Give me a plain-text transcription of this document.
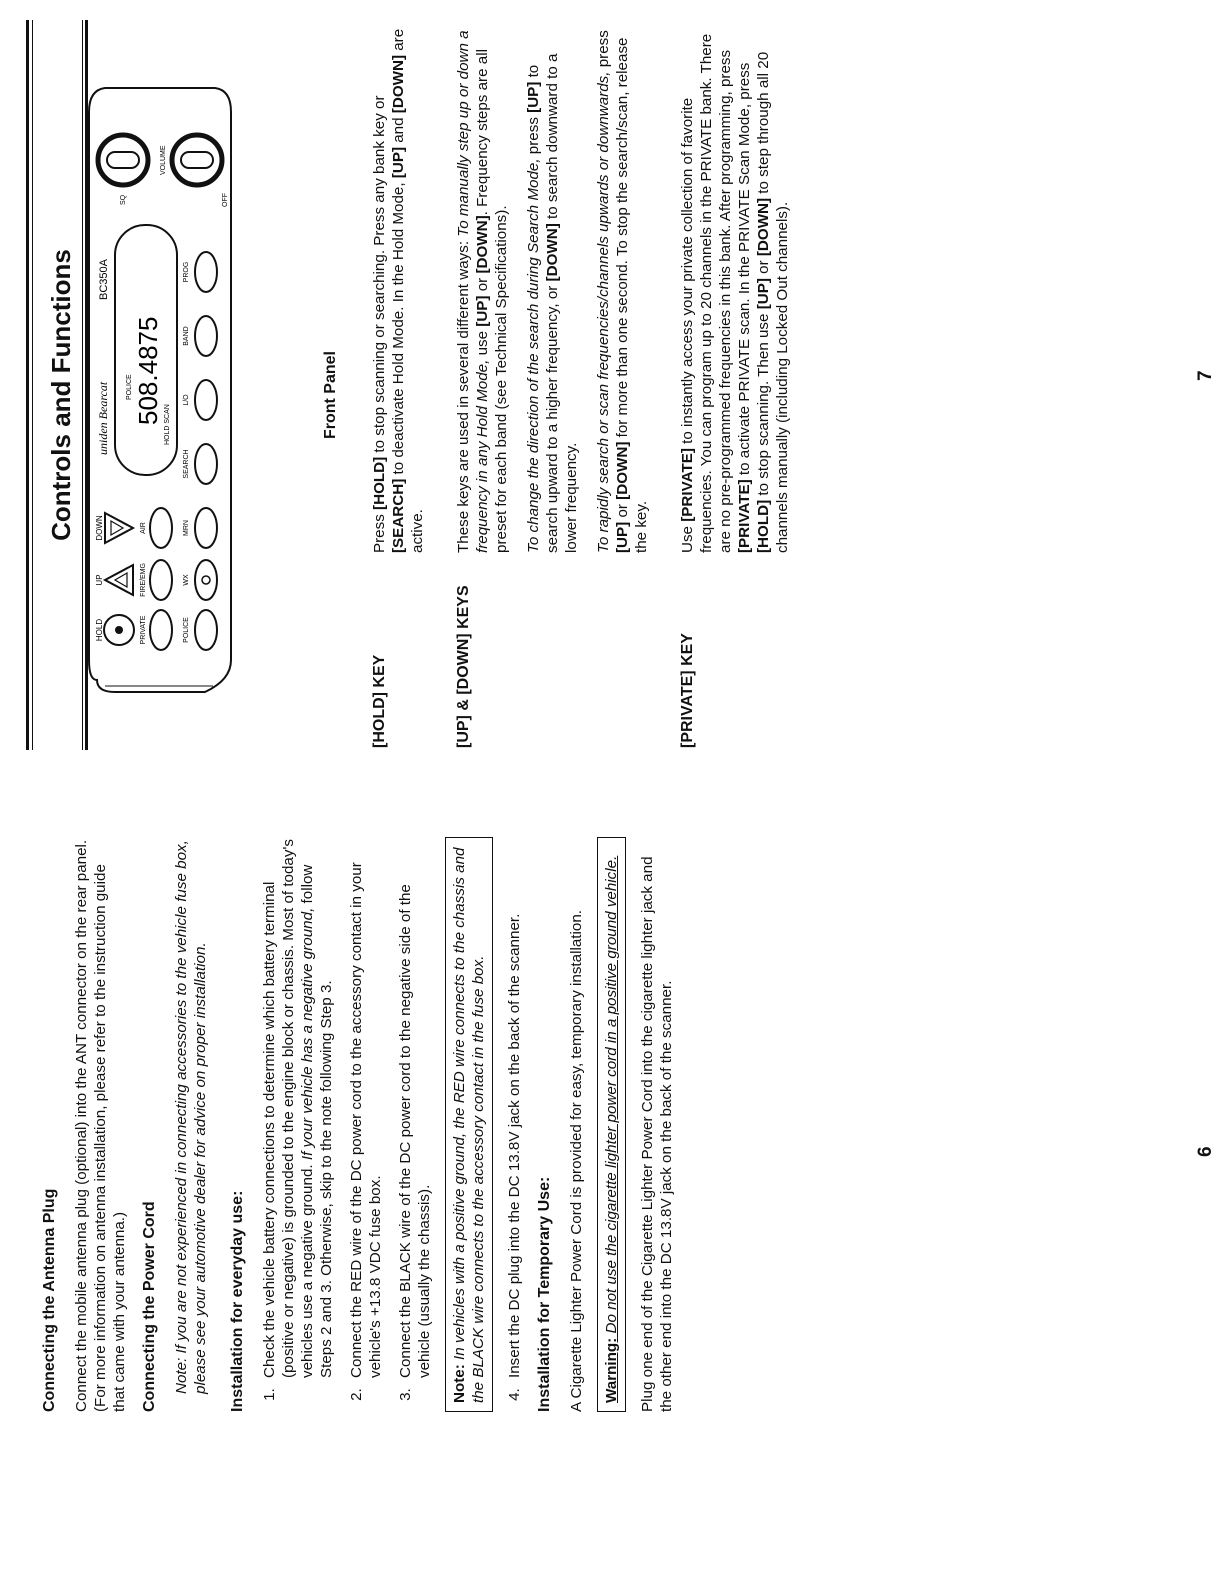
Connecting the Antenna Plug Connect the mobile antenna plug (optional) into the ANT connector on the rear panel. (For more information on antenna installation, please refer to the instruction guide that came with your antenna.) Connecting the Power Cord Note: If you are not experienced in connecting accessories to the vehicle fuse box, please see your automotive dealer for advice on proper installation. Installation for everyday use: 1. Check the vehicle battery connections to determine which battery terminal (positive or negative) is grounded to the engine block or chassis. Most of today's vehicles use a negative ground. If your vehicle has a negative ground, follow Steps 2 and 3. Otherwise, skip to the note following Step 3. 2. Connect the RED wire of the DC power cord to the accessory contact in your vehicle's +13.8 VDC fuse box. 3. Connect the BLACK wire of the DC power cord to the negative side of the vehicle (usually the chassis).
Note: In vehicles with a positive ground, the RED wire connects to the chassis and the BLACK wire connects to the accessory contact in the fuse box.	4. Insert the DC plug into the DC 13.8V jack on the back of the scanner. Installation for Temporary Use: A Cigarette Lighter Power Cord is provided for easy, temporary installation.	Warning: Do not use the cigarette lighter power cord in a positive ground vehicle.	Plug one end of the Cigarette Lighter Power Cord into the cigarette lighter jack and the other end into the DC 13.8V jack on the back of the scanner.	6
Controls and Functions
HOLD
UP
DOWN
PRIVATE
FIRE/EMG
AIR
POLICE
WX
MRN
SEARCH
L/O
BAND
PROG
uniden Bearcat
BC350A
POLICE 508.4875 HOLD SCAN
SQ
VOLUME
OFF
Front Panel
[HOLD] KEY

Press [HOLD] to stop scanning or searching. Press any bank key or [SEARCH] to deactivate Hold Mode. In the Hold Mode, [UP] and [DOWN] are active.

[UP] & [DOWN] KEYS

These keys are used in several different ways: To manually step up or down a frequency in any Hold Mode, use [UP] or [DOWN]. Frequency steps are all preset for each band (see Technical Specifications). To change the direction of the search during Search Mode, press [UP] to search upward to a higher frequency, or [DOWN] to search downward to a lower frequency. To rapidly search or scan frequencies/channels upwards or downwards, press [UP] or [DOWN] for more than one second. To stop the search/scan, release the key.

[PRIVATE] KEY

Use [PRIVATE] to instantly access your private collection of favorite frequencies. You can program up to 20 channels in the PRIVATE bank. There are no pre-programmed frequencies in this bank. After programming, press [PRIVATE] to activate PRIVATE scan. In the PRIVATE Scan Mode, press [HOLD] to stop scanning. Then use [UP] or [DOWN] to step through all 20 channels manually (including Locked Out channels).	7
